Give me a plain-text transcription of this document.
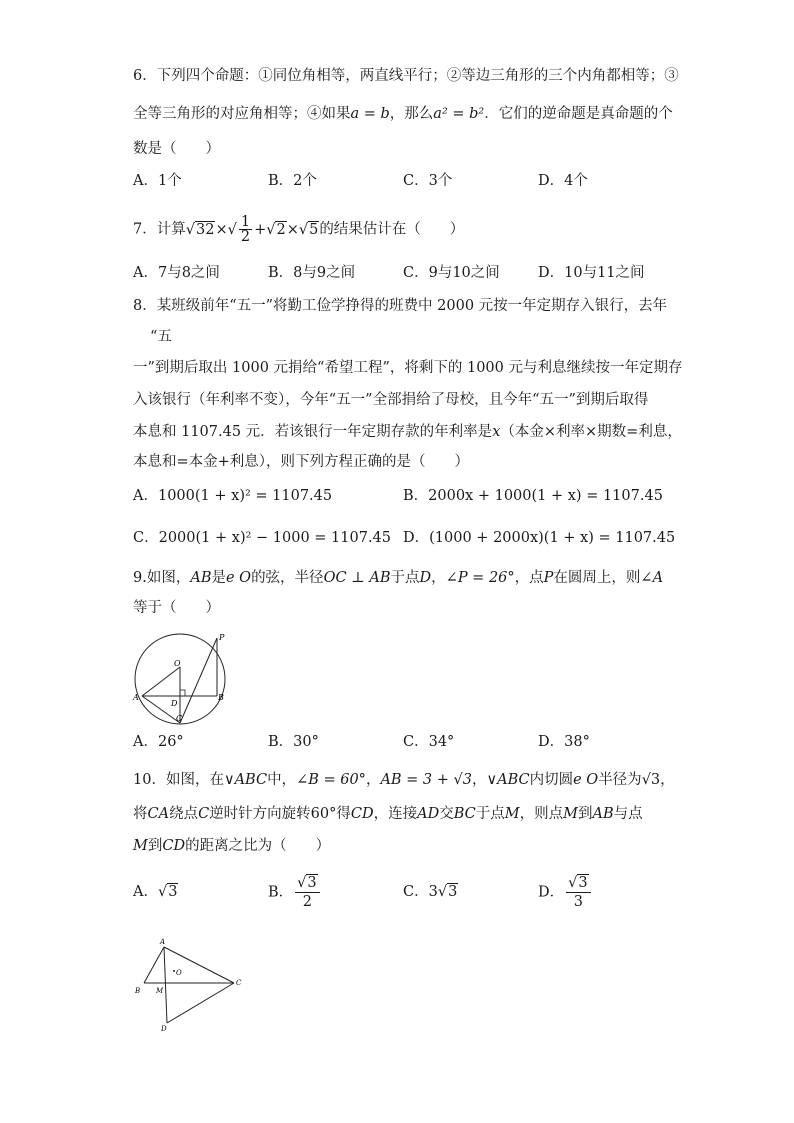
6．下列四个命题：①同位角相等，两直线平行；②等边三角形的三个内角都相等；③
全等三角形的对应角相等；④如果a = b，那么a² = b²．它们的逆命题是真命题的个
数是（　　）
A．1个	B．2个	C．3个	D．4个
7．计算$√32\times√ \frac{1}{2} +√2\times√5$的结果估计在（　　）
A．7与8之间	B．8与9之间	C．9与10之间	D．10与11之间
8．某班级前年“五一”将勤工俭学挣得的班费中 2000 元按一年定期存入银行，去年
“五
一”到期后取出 1000 元捐给“希望工程”，将剩下的 1000 元与利息继续按一年定期存
入该银行（年利率不变），今年“五一”全部捐给了母校，且今年“五一”到期后取得
本息和 1107.45 元．若该银行一年定期存款的年利率是x（本金×利率×期数=利息，
本息和=本金+利息），则下列方程正确的是（　　）
A．1000(1 + x)² = 1107.45	B．2000x + 1000(1 + x) = 1107.45
C．2000(1 + x)² − 1000 = 1107.45 D．(1000 + 2000x)(1 + x) = 1107.45
9.如图，AB是e O的弦，半径OC ⊥ AB于点D，∠P = 26°，点P在圆周上，则∠A
等于（　　）
O
A	B
C
D
P
A．26°	B．30°	C．34°	D．38°
10．如图，在∨ABC中，∠B = 60°，AB = 3 + √3，∨ABC内切圆e O半径为√3，
将CA绕点C逆时针方向旋转60°得CD，连接AD交BC于点M，则点M到AB与点
M到CD的距离之比为（　　）
A．√3	B． $\frac{√3}{2}$	C．3√3	D． $\frac{√3}{3}$
A
B
C
D
M
O
